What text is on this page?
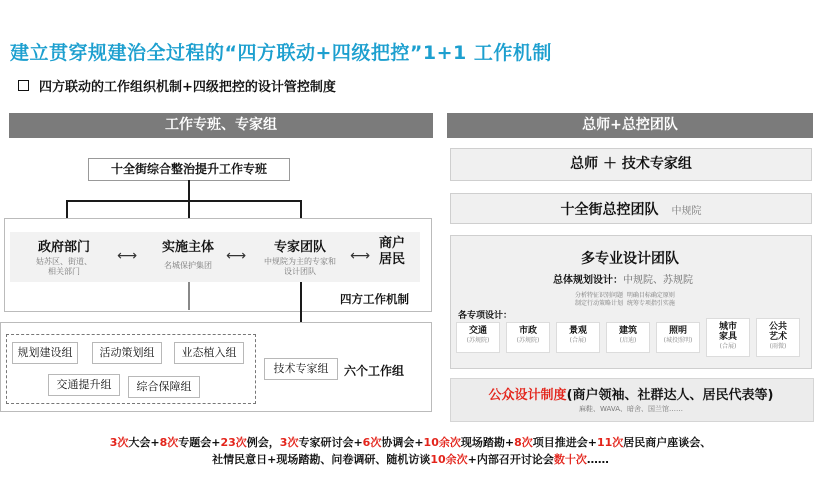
建立贯穿规建治全过程的“四方联动+四级把控”1+1 工作机制
四方联动的工作组织机制+四级把控的设计管控制度
工作专班、专家组
十全街综合整治提升工作专班
政府部门
姑苏区、街道、相关部门
实施主体
名城保护集团
专家团队
中规院为主的专家和设计团队
商户居民
⟷	⟷	⟷
四方工作机制
规划建设组	活动策划组	业态植入组
交通提升组	综合保障组
技术专家组	六个工作组
总师+总控团队
总师 ＋ 技术专家组
十全街总控团队 中规院
多专业设计团队
总体规划设计：中规院、苏规院
分析特征识别问题 明确目标确定原则
制定行动策略计划 统筹专项指引实施
各专项设计：
交通
(苏规院)
市政
(苏规院)
景观
(合展)
建筑
(启迪)
照明
(城投照明)
城市家具
(合展)
公共艺术
(雨微)
公众设计制度(商户领袖、社群达人、居民代表等)
麻鞋、WAVA、暗舍、国兰馆……
3次大会+8次专题会+23次例会，3次专家研讨会+6次协调会+10余次现场踏勘+8次项目推进会+11次居民商户座谈会、
社情民意日+现场踏勘、问卷调研、随机访谈10余次+内部召开讨论会数十次……
